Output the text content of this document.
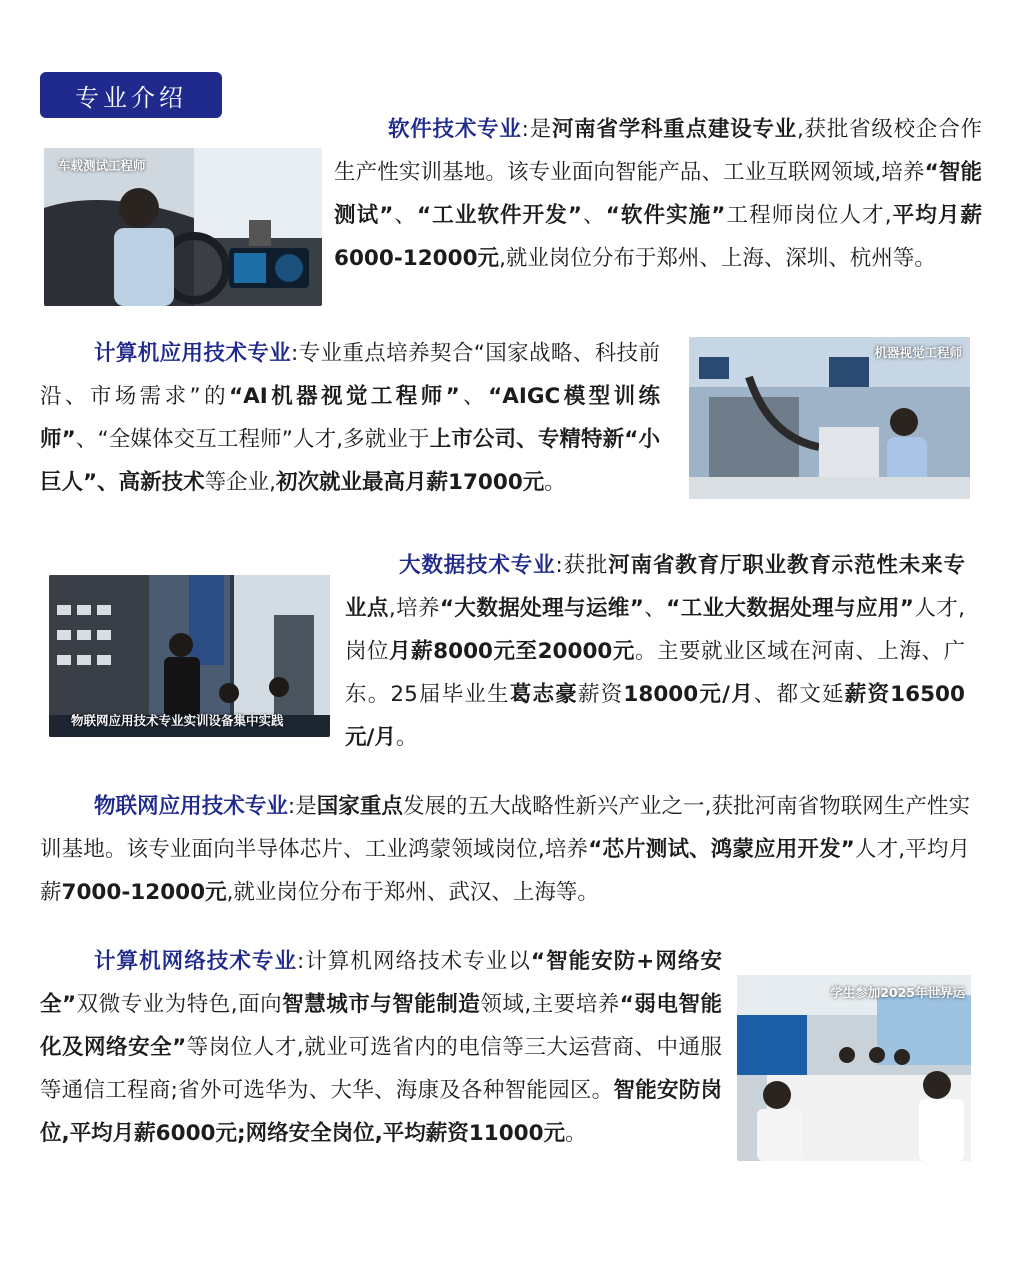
专业介绍
车载测试工程师
机器视觉工程师
物联网应用技术专业实训设备集中实践
学生参加2025年世界运

软件技术专业:是河南省学科重点建设专业,获批省级校企合作生产性实训基地。该专业面向智能产品、工业互联网领域,培养“智能测试”、“工业软件开发”、“软件实施”工程师岗位人才,平均月薪6000-12000元,就业岗位分布于郑州、上海、深圳、杭州等。

计算机应用技术专业:专业重点培养契合“国家战略、科技前沿、市场需求”的“AI机器视觉工程师”、“AIGC模型训练师”、“全媒体交互工程师”人才,多就业于上市公司、专精特新“小巨人”、高新技术等企业,初次就业最高月薪17000元。

大数据技术专业:获批河南省教育厅职业教育示范性未来专业点,培养“大数据处理与运维”、“工业大数据处理与应用”人才,岗位月薪8000元至20000元。主要就业区域在河南、上海、广东。25届毕业生葛志豪薪资18000元/月、都文延薪资16500元/月。

物联网应用技术专业:是国家重点发展的五大战略性新兴产业之一,获批河南省物联网生产性实训基地。该专业面向半导体芯片、工业鸿蒙领域岗位,培养“芯片测试、鸿蒙应用开发”人才,平均月薪7000-12000元,就业岗位分布于郑州、武汉、上海等。

计算机网络技术专业:计算机网络技术专业以“智能安防+网络安全”双微专业为特色,面向智慧城市与智能制造领域,主要培养“弱电智能化及网络安全”等岗位人才,就业可选省内的电信等三大运营商、中通服等通信工程商;省外可选华为、大华、海康及各种智能园区。智能安防岗位,平均月薪6000元;网络安全岗位,平均薪资11000元。
